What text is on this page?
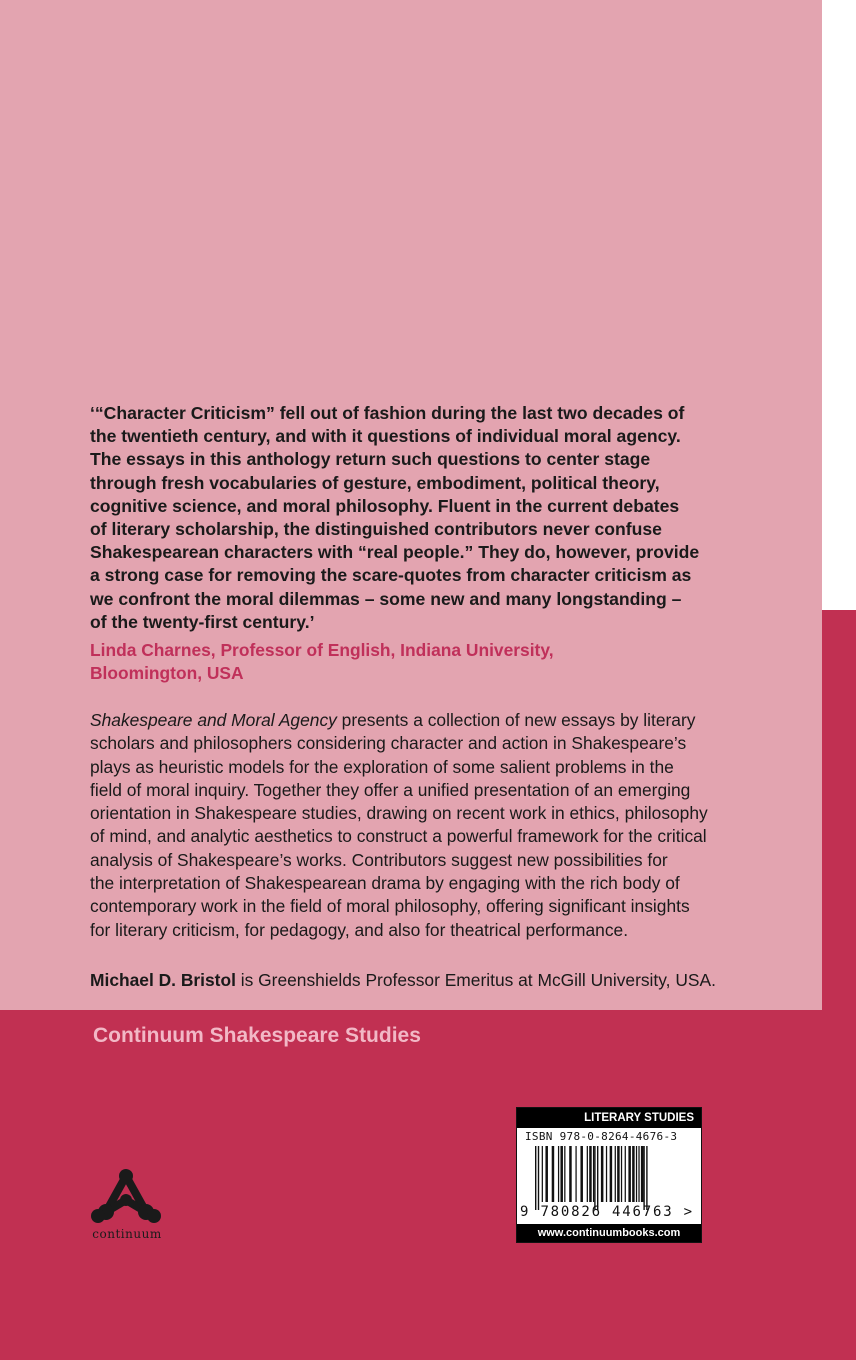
‘“Character Criticism” fell out of fashion during the last two decades of
the twentieth century, and with it questions of individual moral agency.
The essays in this anthology return such questions to center stage
through fresh vocabularies of gesture, embodiment, political theory,
cognitive science, and moral philosophy. Fluent in the current debates
of literary scholarship, the distinguished contributors never confuse
Shakespearean characters with “real people.” They do, however, provide
a strong case for removing the scare-quotes from character criticism as
we confront the moral dilemmas – some new and many longstanding –
of the twenty-first century.’
Linda Charnes, Professor of English, Indiana University,
Bloomington, USA
Shakespeare and Moral Agency presents a collection of new essays by literary
scholars and philosophers considering character and action in Shakespeare’s
plays as heuristic models for the exploration of some salient problems in the
field of moral inquiry. Together they offer a unified presentation of an emerging
orientation in Shakespeare studies, drawing on recent work in ethics, philosophy
of mind, and analytic aesthetics to construct a powerful framework for the critical
analysis of Shakespeare’s works. Contributors suggest new possibilities for
the interpretation of Shakespearean drama by engaging with the rich body of
contemporary work in the field of moral philosophy, offering significant insights
for literary criticism, for pedagogy, and also for theatrical performance.
Michael D. Bristol is Greenshields Professor Emeritus at McGill University, USA.
Continuum Shakespeare Studies
continuum
LITERARY STUDIES
ISBN 978-0-8264-4676-3
9 780826 446763 >
www.continuumbooks.com
